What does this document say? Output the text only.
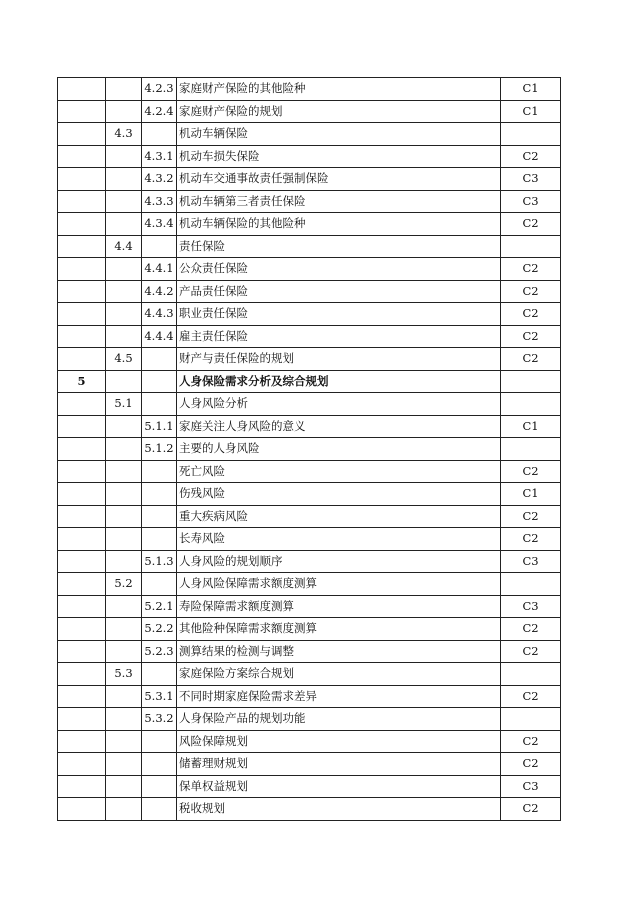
		4.2.3	家庭财产保险的其他险种	C1
		4.2.4	家庭财产保险的规划	C1
	4.3		机动车辆保险	
		4.3.1	机动车损失保险	C2
		4.3.2	机动车交通事故责任强制保险	C3
		4.3.3	机动车辆第三者责任保险	C3
		4.3.4	机动车辆保险的其他险种	C2
	4.4		责任保险	
		4.4.1	公众责任保险	C2
		4.4.2	产品责任保险	C2
		4.4.3	职业责任保险	C2
		4.4.4	雇主责任保险	C2
	4.5		财产与责任保险的规划	C2
5			人身保险需求分析及综合规划	
	5.1		人身风险分析	
		5.1.1	家庭关注人身风险的意义	C1
		5.1.2	主要的人身风险	
			死亡风险	C2
			伤残风险	C1
			重大疾病风险	C2
			长寿风险	C2
		5.1.3	人身风险的规划顺序	C3
	5.2		人身风险保障需求额度测算	
		5.2.1	寿险保障需求额度测算	C3
		5.2.2	其他险种保障需求额度测算	C2
		5.2.3	测算结果的检测与调整	C2
	5.3		家庭保险方案综合规划	
		5.3.1	不同时期家庭保险需求差异	C2
		5.3.2	人身保险产品的规划功能	
			风险保障规划	C2
			储蓄理财规划	C2
			保单权益规划	C3
			税收规划	C2
